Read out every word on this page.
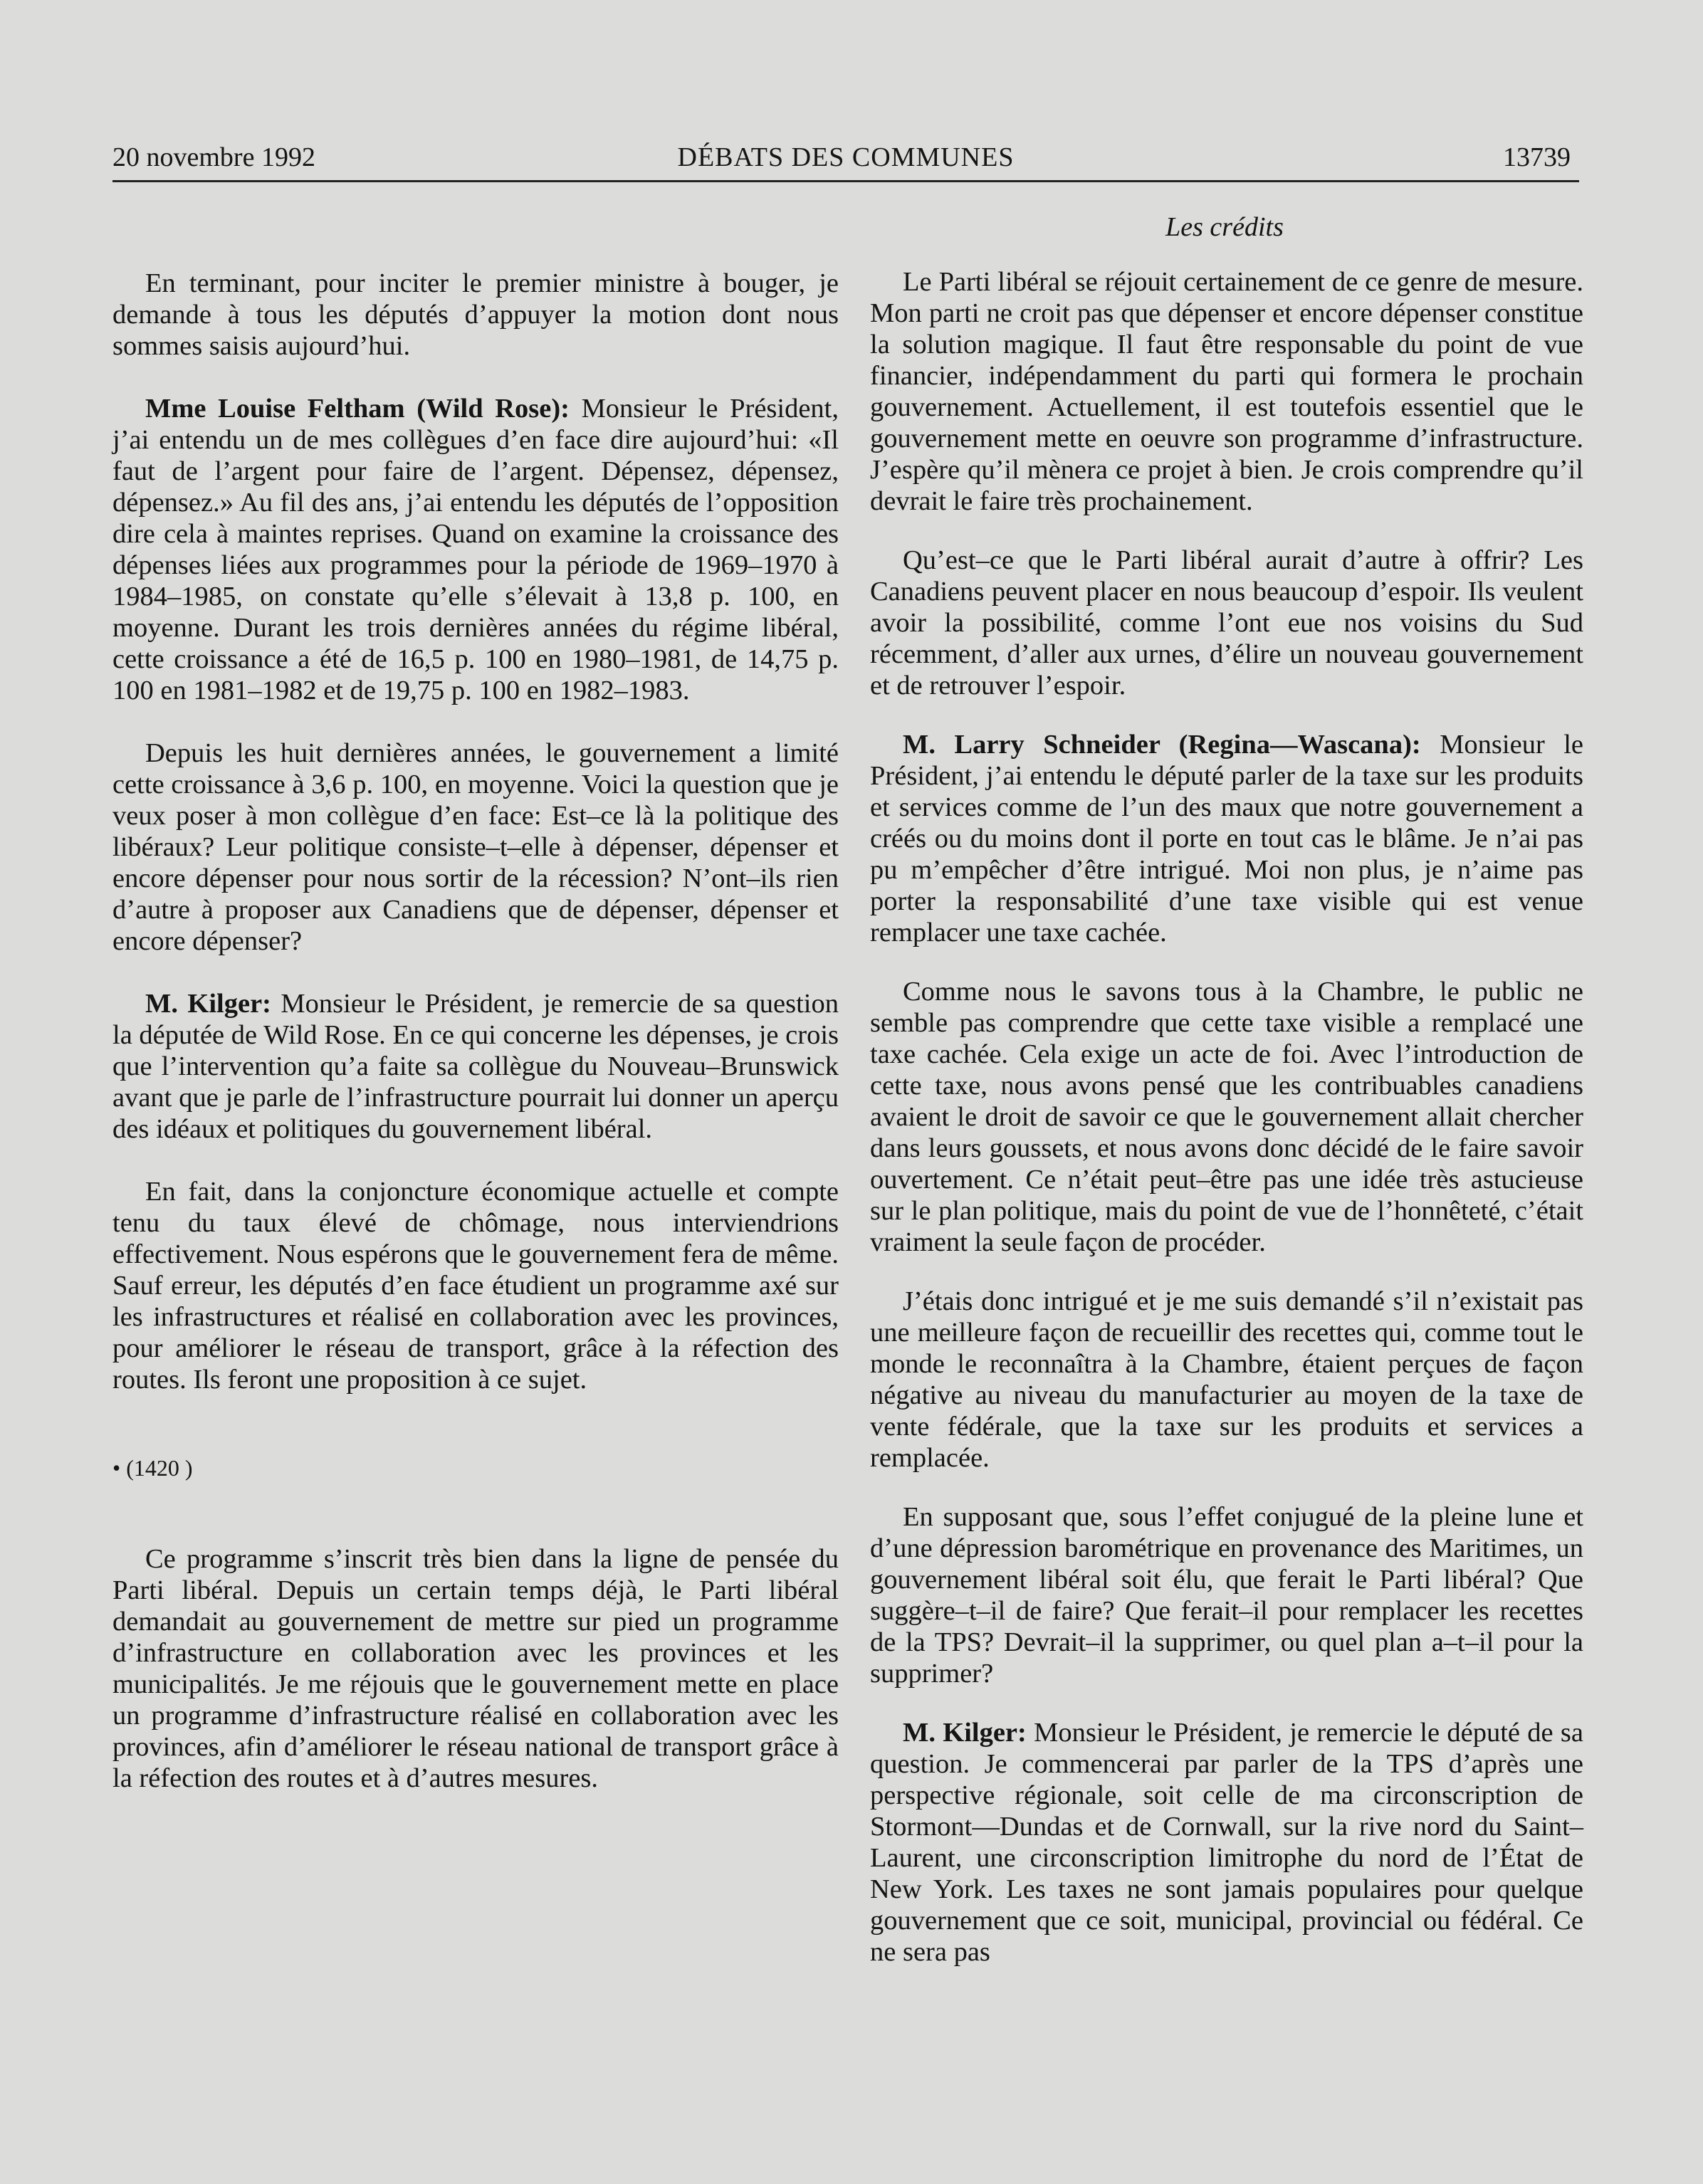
20 novembre 1992	DÉBATS DES COMMUNES	13739
Les crédits

En terminant, pour inciter le premier ministre à bouger, je demande à tous les députés d’appuyer la motion dont nous sommes saisis aujourd’hui.

Mme Louise Feltham (Wild Rose): Monsieur le Président, j’ai entendu un de mes collègues d’en face dire aujourd’hui: «Il faut de l’argent pour faire de l’argent. Dépensez, dépensez, dépensez.» Au fil des ans, j’ai entendu les députés de l’opposition dire cela à maintes reprises. Quand on examine la croissance des dépenses liées aux programmes pour la période de 1969–1970 à 1984–1985, on constate qu’elle s’élevait à 13,8 p. 100, en moyenne. Durant les trois dernières années du régime libéral, cette croissance a été de 16,5 p. 100 en 1980–1981, de 14,75 p. 100 en 1981–1982 et de 19,75 p. 100 en 1982–1983.

Depuis les huit dernières années, le gouvernement a limité cette croissance à 3,6 p. 100, en moyenne. Voici la question que je veux poser à mon collègue d’en face: Est–ce là la politique des libéraux? Leur politique consiste–t–elle à dépenser, dépenser et encore dépenser pour nous sortir de la récession? N’ont–ils rien d’autre à proposer aux Canadiens que de dépenser, dépenser et encore dépenser?

M. Kilger: Monsieur le Président, je remercie de sa question la députée de Wild Rose. En ce qui concerne les dépenses, je crois que l’intervention qu’a faite sa collègue du Nouveau–Brunswick avant que je parle de l’infrastructure pourrait lui donner un aperçu des idéaux et politiques du gouvernement libéral.

En fait, dans la conjoncture économique actuelle et compte tenu du taux élevé de chômage, nous interviendrions effectivement. Nous espérons que le gouvernement fera de même. Sauf erreur, les députés d’en face étudient un programme axé sur les infrastructures et réalisé en collaboration avec les provinces, pour améliorer le réseau de transport, grâce à la réfection des routes. Ils feront une proposition à ce sujet.

• (1420 )

Ce programme s’inscrit très bien dans la ligne de pensée du Parti libéral. Depuis un certain temps déjà, le Parti libéral demandait au gouvernement de mettre sur pied un programme d’infrastructure en collaboration avec les provinces et les municipalités. Je me réjouis que le gouvernement mette en place un programme d’infrastructure réalisé en collaboration avec les provinces, afin d’améliorer le réseau national de transport grâce à la réfection des routes et à d’autres mesures.

Le Parti libéral se réjouit certainement de ce genre de mesure. Mon parti ne croit pas que dépenser et encore dépenser constitue la solution magique. Il faut être responsable du point de vue financier, indépendamment du parti qui formera le prochain gouvernement. Actuellement, il est toutefois essentiel que le gouvernement mette en oeuvre son programme d’infrastructure. J’espère qu’il mènera ce projet à bien. Je crois comprendre qu’il devrait le faire très prochainement.

Qu’est–ce que le Parti libéral aurait d’autre à offrir? Les Canadiens peuvent placer en nous beaucoup d’espoir. Ils veulent avoir la possibilité, comme l’ont eue nos voisins du Sud récemment, d’aller aux urnes, d’élire un nouveau gouvernement et de retrouver l’espoir.

M. Larry Schneider (Regina—Wascana): Monsieur le Président, j’ai entendu le député parler de la taxe sur les produits et services comme de l’un des maux que notre gouvernement a créés ou du moins dont il porte en tout cas le blâme. Je n’ai pas pu m’empêcher d’être intrigué. Moi non plus, je n’aime pas porter la responsabilité d’une taxe visible qui est venue remplacer une taxe cachée.

Comme nous le savons tous à la Chambre, le public ne semble pas comprendre que cette taxe visible a remplacé une taxe cachée. Cela exige un acte de foi. Avec l’introduction de cette taxe, nous avons pensé que les contribuables canadiens avaient le droit de savoir ce que le gouvernement allait chercher dans leurs goussets, et nous avons donc décidé de le faire savoir ouvertement. Ce n’était peut–être pas une idée très astucieuse sur le plan politique, mais du point de vue de l’honnêteté, c’était vraiment la seule façon de procéder.

J’étais donc intrigué et je me suis demandé s’il n’existait pas une meilleure façon de recueillir des recettes qui, comme tout le monde le reconnaîtra à la Chambre, étaient perçues de façon négative au niveau du manufacturier au moyen de la taxe de vente fédérale, que la taxe sur les produits et services a remplacée.

En supposant que, sous l’effet conjugué de la pleine lune et d’une dépression barométrique en provenance des Maritimes, un gouvernement libéral soit élu, que ferait le Parti libéral? Que suggère–t–il de faire? Que ferait–il pour remplacer les recettes de la TPS? Devrait–il la supprimer, ou quel plan a–t–il pour la supprimer?

M. Kilger: Monsieur le Président, je remercie le député de sa question. Je commencerai par parler de la TPS d’après une perspective régionale, soit celle de ma circonscription de Stormont—Dundas et de Cornwall, sur la rive nord du Saint–Laurent, une circonscription limitrophe du nord de l’État de New York. Les taxes ne sont jamais populaires pour quelque gouvernement que ce soit, municipal, provincial ou fédéral. Ce ne sera pas
